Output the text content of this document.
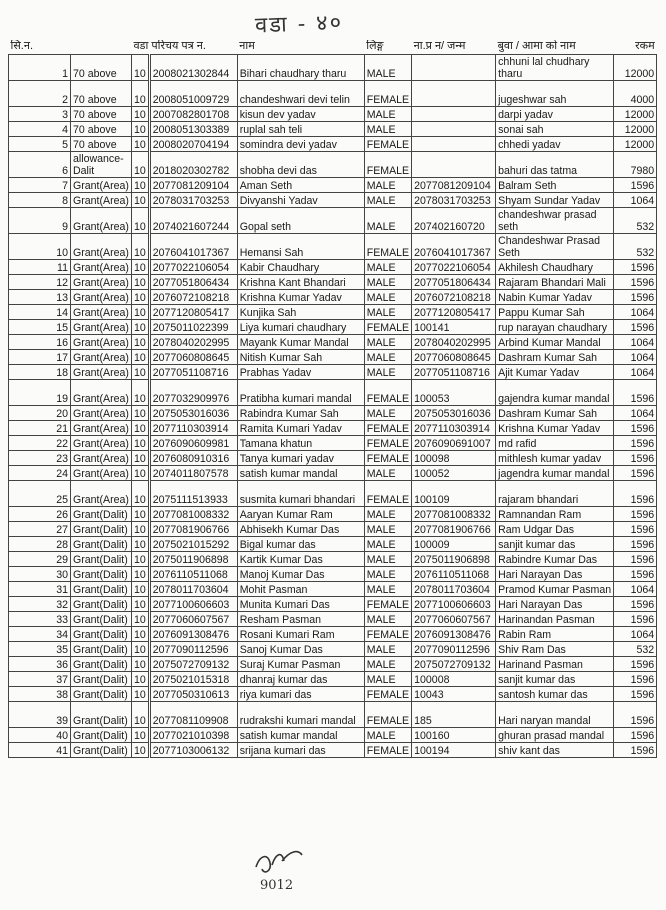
वडा - ४०
सि.न.		वडा परिचय पत्र न.		नाम	लिङ्ग	ना.प्र न/ जन्म	बुवा / आमा को नाम	रकम
1	70 above	10	2008021302844	Bihari chaudhary tharu	MALE		chhuni lal chudhary tharu	12000
2	70 above	10	2008051009729	chandeshwari devi telin	FEMALE		jugeshwar sah	4000
3	70 above	10	2007082801708	kisun dev yadav	MALE		darpi yadav	12000
4	70 above	10	2008051303389	ruplal sah teli	MALE		sonai sah	12000
5	70 above	10	2008020704194	somindra devi yadav	FEMALE		chhedi yadav	12000
6	allowance-Dalit	10	2018020302782	shobha devi das	FEMALE		bahuri das tatma	7980
7	Grant(Area)	10	2077081209104	Aman Seth	MALE	2077081209104	Balram Seth	1596
8	Grant(Area)	10	2078031703253	Divyanshi Yadav	MALE	2078031703253	Shyam Sundar Yadav	1064
9	Grant(Area)	10	2074021607244	Gopal seth	MALE	207402160720	chandeshwar prasad seth	532
10	Grant(Area)	10	2076041017367	Hemansi Sah	FEMALE	2076041017367	Chandeshwar Prasad Seth	532
11	Grant(Area)	10	2077022106054	Kabir Chaudhary	MALE	2077022106054	Akhilesh Chaudhary	1596
12	Grant(Area)	10	2077051806434	Krishna Kant Bhandari	MALE	2077051806434	Rajaram Bhandari Mali	1596
13	Grant(Area)	10	2076072108218	Krishna Kumar Yadav	MALE	2076072108218	Nabin Kumar Yadav	1596
14	Grant(Area)	10	2077120805417	Kunjika Sah	MALE	2077120805417	Pappu Kumar Sah	1064
15	Grant(Area)	10	2075011022399	Liya kumari chaudhary	FEMALE	100141	rup narayan chaudhary	1596
16	Grant(Area)	10	2078040202995	Mayank Kumar Mandal	MALE	2078040202995	Arbind Kumar Mandal	1064
17	Grant(Area)	10	2077060808645	Nitish Kumar Sah	MALE	2077060808645	Dashram Kumar Sah	1064
18	Grant(Area)	10	2077051108716	Prabhas Yadav	MALE	2077051108716	Ajit Kumar Yadav	1064
19	Grant(Area)	10	2077032909976	Pratibha kumari mandal	FEMALE	100053	gajendra kumar mandal	1596
20	Grant(Area)	10	2075053016036	Rabindra Kumar Sah	MALE	2075053016036	Dashram Kumar Sah	1064
21	Grant(Area)	10	2077110303914	Ramita Kumari Yadav	FEMALE	2077110303914	Krishna Kumar Yadav	1596
22	Grant(Area)	10	2076090609981	Tamana khatun	FEMALE	2076090691007	md rafid	1596
23	Grant(Area)	10	2076080910316	Tanya kumari yadav	FEMALE	100098	mithlesh kumar yadav	1596
24	Grant(Area)	10	2074011807578	satish kumar mandal	MALE	100052	jagendra kumar mandal	1596
25	Grant(Area)	10	2075111513933	susmita kumari bhandari	FEMALE	100109	rajaram bhandari	1596
26	Grant(Dalit)	10	2077081008332	Aaryan Kumar Ram	MALE	2077081008332	Ramnandan Ram	1596
27	Grant(Dalit)	10	2077081906766	Abhisekh Kumar Das	MALE	2077081906766	Ram Udgar Das	1596
28	Grant(Dalit)	10	2075021015292	Bigal kumar das	MALE	100009	sanjit kumar das	1596
29	Grant(Dalit)	10	2075011906898	Kartik Kumar Das	MALE	2075011906898	Rabindre Kumar Das	1596
30	Grant(Dalit)	10	2076110511068	Manoj Kumar Das	MALE	2076110511068	Hari Narayan Das	1596
31	Grant(Dalit)	10	2078011703604	Mohit Pasman	MALE	2078011703604	Pramod Kumar Pasman	1064
32	Grant(Dalit)	10	2077100606603	Munita Kumari Das	FEMALE	2077100606603	Hari Narayan Das	1596
33	Grant(Dalit)	10	2077060607567	Resham Pasman	MALE	2077060607567	Harinandan Pasman	1596
34	Grant(Dalit)	10	2076091308476	Rosani Kumari Ram	FEMALE	2076091308476	Rabin Ram	1064
35	Grant(Dalit)	10	2077090112596	Sanoj Kumar Das	MALE	2077090112596	Shiv Ram Das	532
36	Grant(Dalit)	10	2075072709132	Suraj Kumar Pasman	MALE	2075072709132	Harinand Pasman	1596
37	Grant(Dalit)	10	2075021015318	dhanraj kumar das	MALE	100008	sanjit kumar das	1596
38	Grant(Dalit)	10	2077050310613	riya kumari das	FEMALE	10043	santosh kumar das	1596
39	Grant(Dalit)	10	2077081109908	rudrakshi kumari mandal	FEMALE	185	Hari naryan mandal	1596
40	Grant(Dalit)	10	2077021010398	satish kumar mandal	MALE	100160	ghuran prasad mandal	1596
41	Grant(Dalit)	10	2077103006132	srijana kumari das	FEMALE	100194	shiv kant das	1596
9012
